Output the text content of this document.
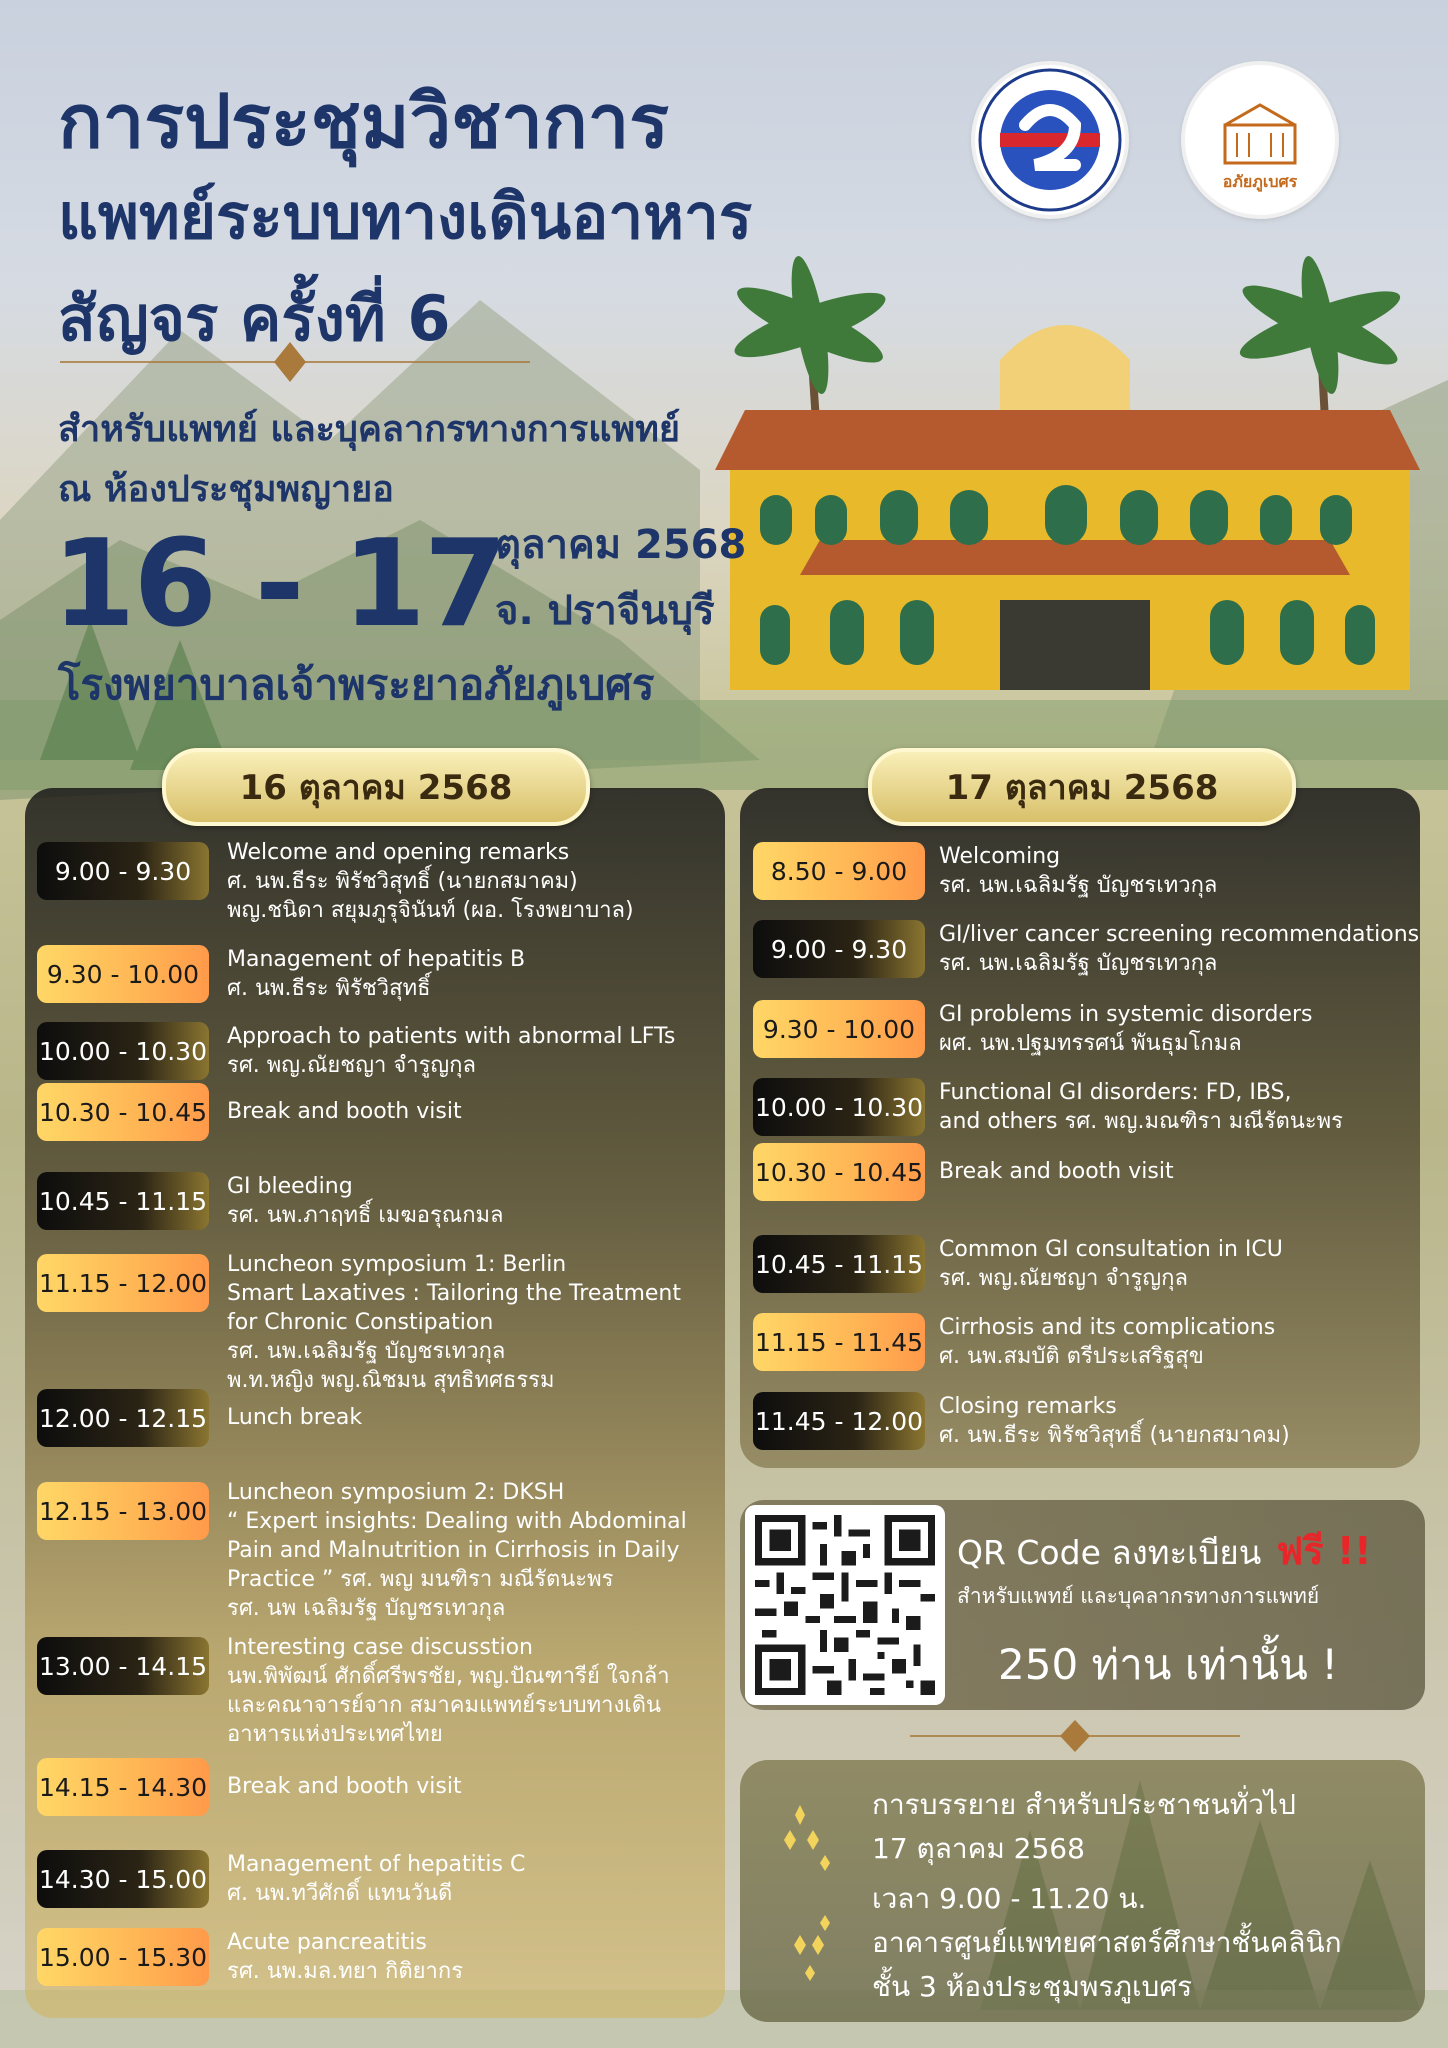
การประชุมวิชาการ
แพทย์ระบบทางเดินอาหาร
สัญจร ครั้งที่ 6
สำหรับแพทย์ และบุคลากรทางการแพทย์
ณ ห้องประชุมพญายอ
16 - 17
ตุลาคม 2568
จ. ปราจีนบุรี
โรงพยาบาลเจ้าพระยาอภัยภูเบศร
อภัยภูเบศร
16 ตุลาคม 2568
9.00 - 9.30
Welcome and opening remarks
ศ. นพ.ธีระ พิรัชวิสุทธิ์ (นายกสมาคม)
พญ.ชนิดา สยุมภูรุจินันท์ (ผอ. โรงพยาบาล)
9.30 - 10.00	Management of hepatitis B
ศ. นพ.ธีระ พิรัชวิสุทธิ์
10.00 - 10.30 Approach to patients with abnormal LFTs
รศ. พญ.ณัยชญา จำรูญกุล
10.30 - 10.45 Break and booth visit
10.45 - 11.15 GI bleeding
รศ. นพ.ภาฤทธิ์ เมฆอรุณกมล
11.15 - 12.00
Luncheon symposium 1: Berlin
Smart Laxatives : Tailoring the Treatment
for Chronic Constipation
รศ. นพ.เฉลิมรัฐ บัญชรเทวกุล
พ.ท.หญิง พญ.ณิชมน สุทธิทศธรรม
12.00 - 12.15 Lunch break
12.15 - 13.00
Luncheon symposium 2: DKSH
“ Expert insights: Dealing with Abdominal
Pain and Malnutrition in Cirrhosis in Daily
Practice ” รศ. พญ มนฑิรา มณีรัตนะพร
รศ. นพ เฉลิมรัฐ บัญชรเทวกุล
13.00 - 14.15
Interesting case discusstion
นพ.พิพัฒน์ ศักดิ์ศรีพรชัย, พญ.ปัณฑารีย์ ใจกล้า
และคณาจารย์จาก สมาคมแพทย์ระบบทางเดิน
อาหารแห่งประเทศไทย
14.15 - 14.30 Break and booth visit
14.30 - 15.00 Management of hepatitis C
ศ. นพ.ทวีศักดิ์ แทนวันดี
15.00 - 15.30 Acute pancreatitis
รศ. นพ.มล.ทยา กิติยากร
17 ตุลาคม 2568
8.50 - 9.00	Welcoming
รศ. นพ.เฉลิมรัฐ บัญชรเทวกุล
9.00 - 9.30	GI/liver cancer screening recommendations
รศ. นพ.เฉลิมรัฐ บัญชรเทวกุล
9.30 - 10.00	GI problems in systemic disorders
ผศ. นพ.ปฐมทรรศน์ พันธุมโกมล
10.00 - 10.30 Functional GI disorders: FD, IBS,
and others รศ. พญ.มณฑิรา มณีรัตนะพร
10.30 - 10.45 Break and booth visit
10.45 - 11.15 Common GI consultation in ICU
รศ. พญ.ณัยชญา จำรูญกุล
11.15 - 11.45 Cirrhosis and its complications
ศ. นพ.สมบัติ ตรีประเสริฐสุข
11.45 - 12.00 Closing remarks
ศ. นพ.ธีระ พิรัชวิสุทธิ์ (นายกสมาคม)
QR Code ลงทะเบียน ฟรี !!
สำหรับแพทย์ และบุคลากรทางการแพทย์
250 ท่าน เท่านั้น !
การบรรยาย สำหรับประชาชนทั่วไป
17 ตุลาคม 2568
เวลา 9.00 - 11.20 น.
อาคารศูนย์แพทยศาสตร์ศึกษาชั้นคลินิก
ชั้น 3 ห้องประชุมพรภูเบศร
